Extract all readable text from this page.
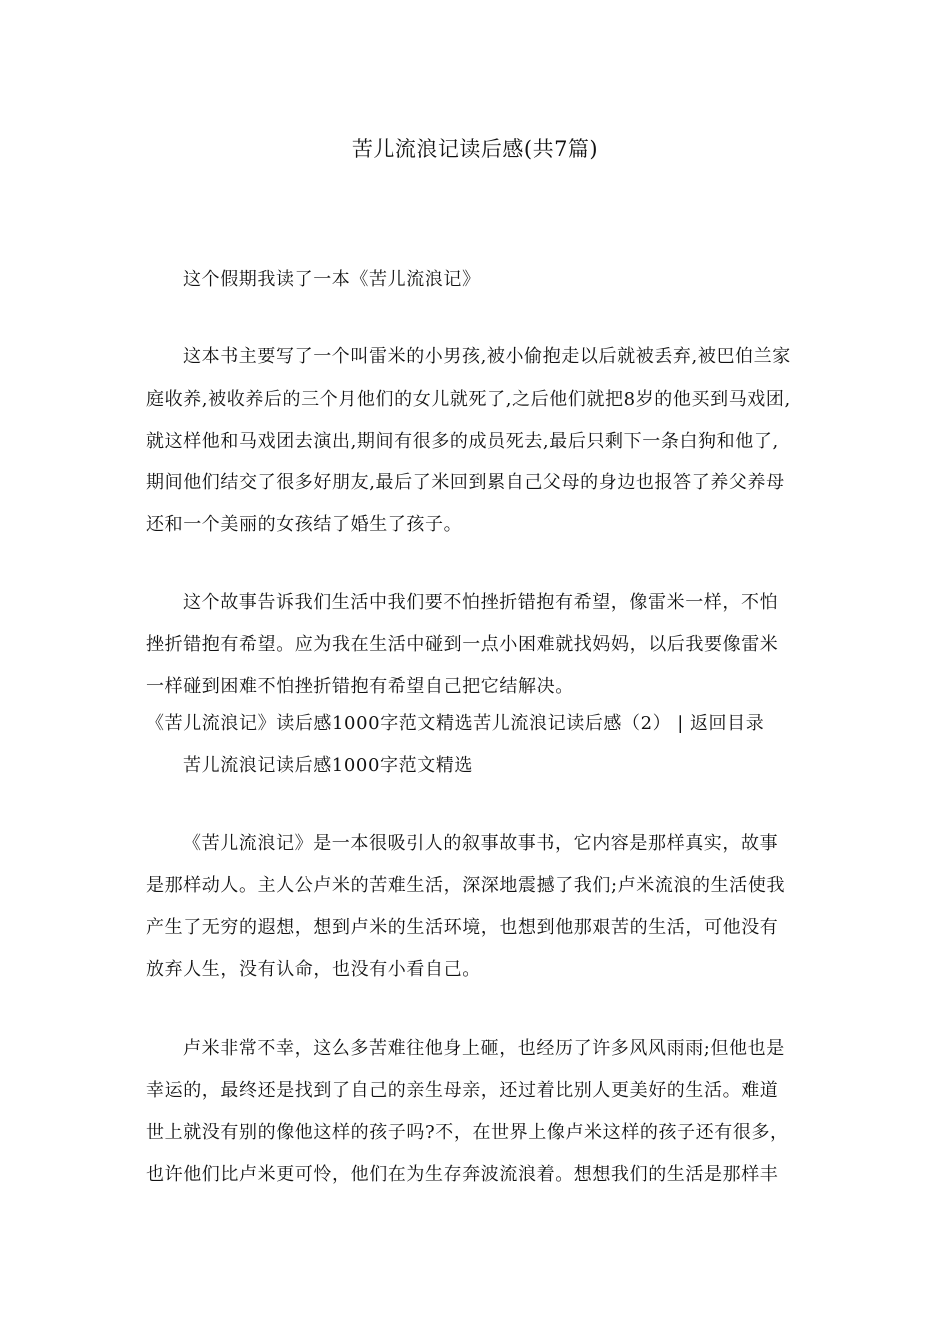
苦儿流浪记读后感(共7篇)
这个假期我读了一本《苦儿流浪记》
这本书主要写了一个叫雷米的小男孩,被小偷抱走以后就被丢弃,被巴伯兰家
庭收养,被收养后的三个月他们的女儿就死了,之后他们就把8岁的他买到马戏团,
就这样他和马戏团去演出,期间有很多的成员死去,最后只剩下一条白狗和他了,
期间他们结交了很多好朋友,最后了米回到累自己父母的身边也报答了养父养母
还和一个美丽的女孩结了婚生了孩子。
这个故事告诉我们生活中我们要不怕挫折错抱有希望，像雷米一样，不怕
挫折错抱有希望。应为我在生活中碰到一点小困难就找妈妈，以后我要像雷米
一样碰到困难不怕挫折错抱有希望自己把它结解决。
《苦儿流浪记》读后感1000字范文精选苦儿流浪记读后感（2） | 返回目录
苦儿流浪记读后感1000字范文精选
《苦儿流浪记》是一本很吸引人的叙事故事书，它内容是那样真实，故事
是那样动人。主人公卢米的苦难生活，深深地震撼了我们;卢米流浪的生活使我
产生了无穷的遐想，想到卢米的生活环境，也想到他那艰苦的生活，可他没有
放弃人生，没有认命，也没有小看自己。
卢米非常不幸，这么多苦难往他身上砸，也经历了许多风风雨雨;但他也是
幸运的，最终还是找到了自己的亲生母亲，还过着比别人更美好的生活。难道
世上就没有别的像他这样的孩子吗?不，在世界上像卢米这样的孩子还有很多，
也许他们比卢米更可怜，他们在为生存奔波流浪着。想想我们的生活是那样丰
